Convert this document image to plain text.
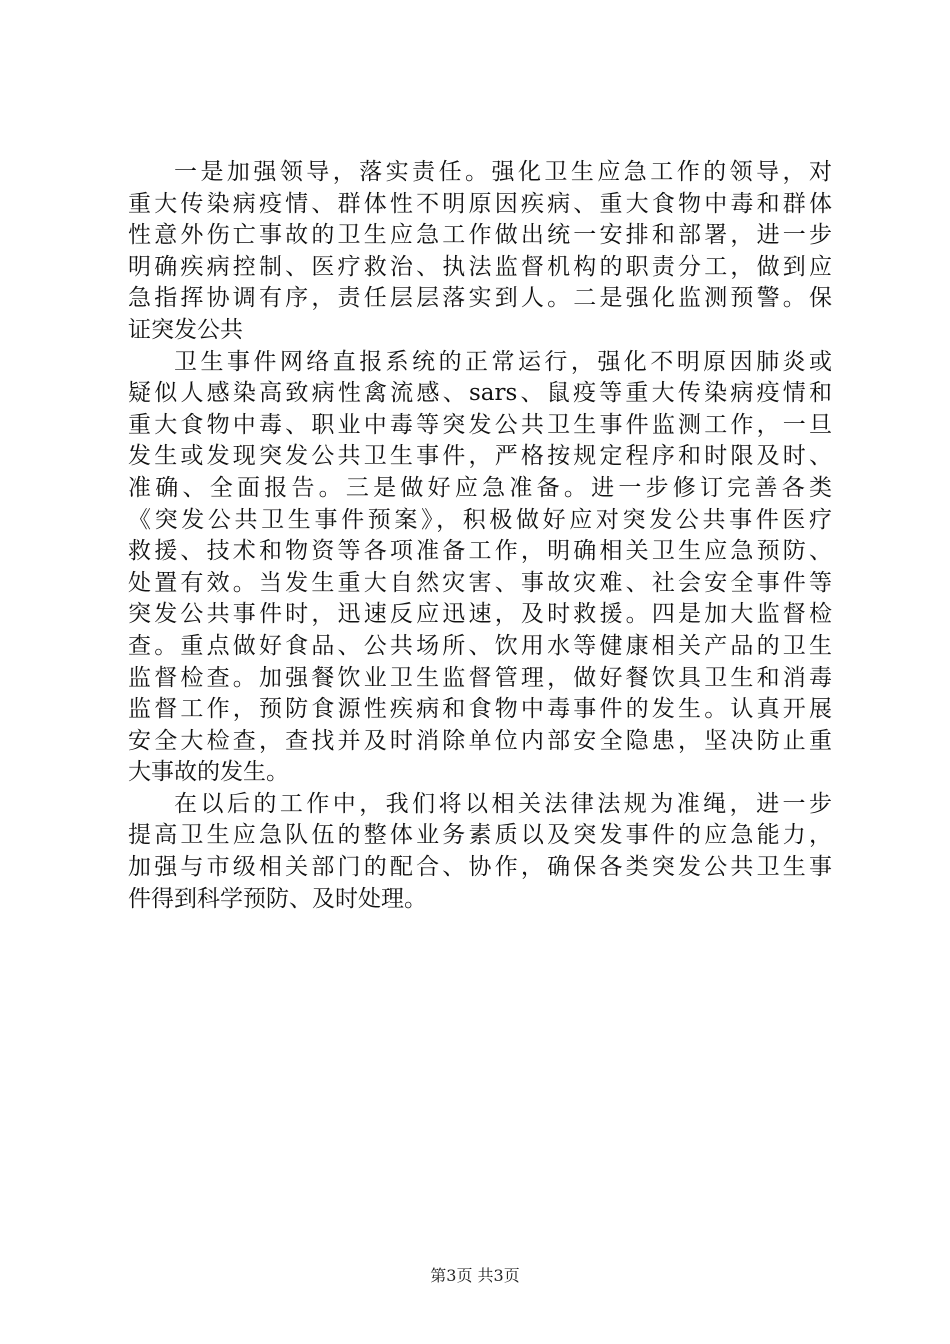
一是加强领导，落实责任。强化卫生应急工作的领导，对
重大传染病疫情、群体性不明原因疾病、重大食物中毒和群体
性意外伤亡事故的卫生应急工作做出统一安排和部署，进一步
明确疾病控制、医疗救治、执法监督机构的职责分工，做到应
急指挥协调有序，责任层层落实到人。二是强化监测预警。保
证突发公共
卫生事件网络直报系统的正常运行，强化不明原因肺炎或
疑似人感染高致病性禽流感、sars、鼠疫等重大传染病疫情和
重大食物中毒、职业中毒等突发公共卫生事件监测工作，一旦
发生或发现突发公共卫生事件，严格按规定程序和时限及时、
准确、全面报告。三是做好应急准备。进一步修订完善各类
《突发公共卫生事件预案》，积极做好应对突发公共事件医疗
救援、技术和物资等各项准备工作，明确相关卫生应急预防、
处置有效。当发生重大自然灾害、事故灾难、社会安全事件等
突发公共事件时，迅速反应迅速，及时救援。四是加大监督检
查。重点做好食品、公共场所、饮用水等健康相关产品的卫生
监督检查。加强餐饮业卫生监督管理，做好餐饮具卫生和消毒
监督工作，预防食源性疾病和食物中毒事件的发生。认真开展
安全大检查，查找并及时消除单位内部安全隐患，坚决防止重
大事故的发生。
在以后的工作中，我们将以相关法律法规为准绳，进一步
提高卫生应急队伍的整体业务素质以及突发事件的应急能力，
加强与市级相关部门的配合、协作，确保各类突发公共卫生事
件得到科学预防、及时处理。
第3页 共3页
